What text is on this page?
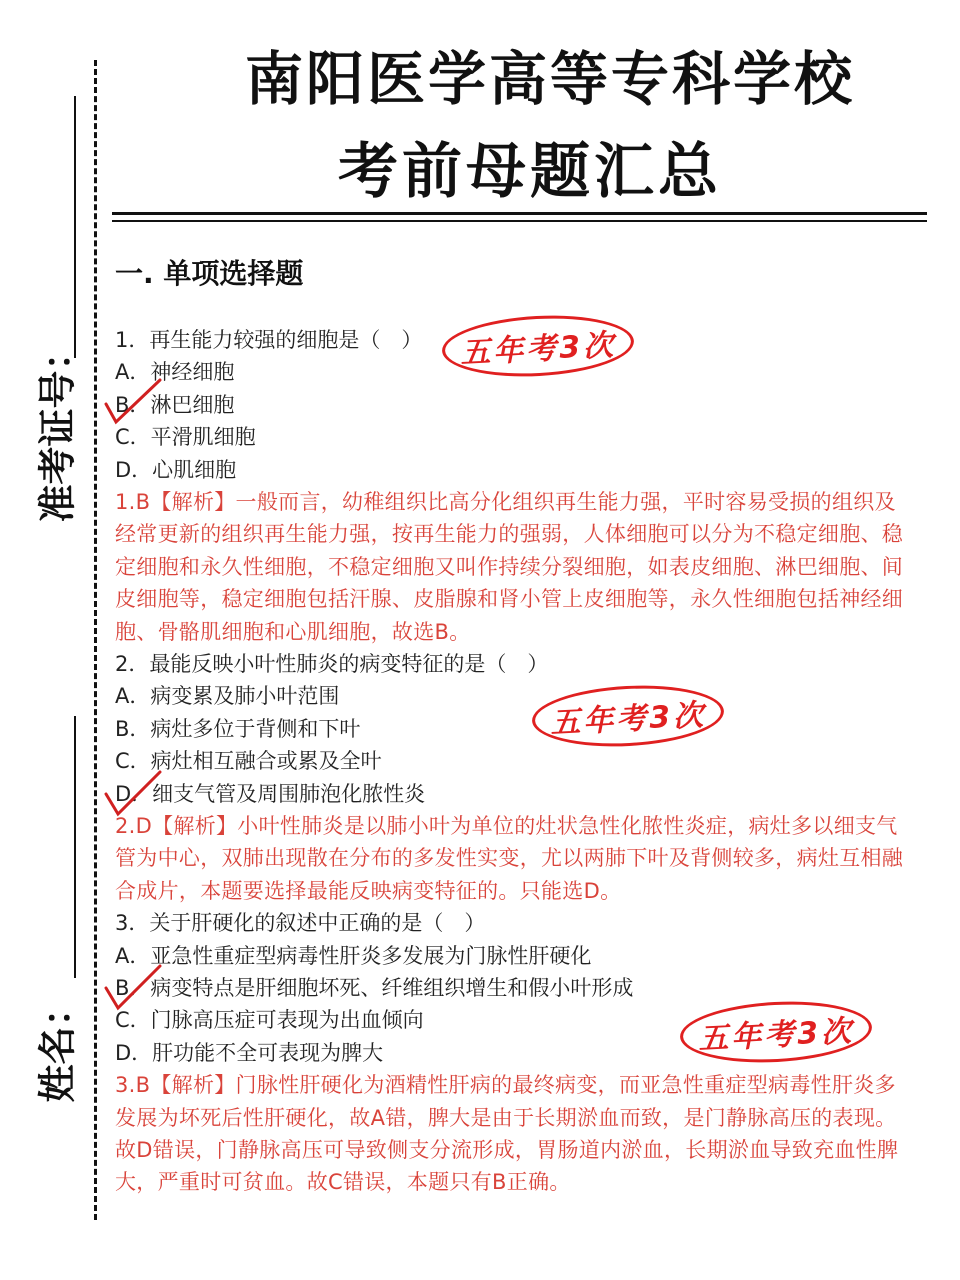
准考证号：
姓名：
南阳医学高等专科学校
考前母题汇总
一. 单项选择题
1．再生能力较强的细胞是（　）
A．神经细胞
B．淋巴细胞
C．平滑肌细胞
D．心肌细胞
1.B【解析】一般而言，幼稚组织比高分化组织再生能力强，平时容易受损的组织及经常更新的组织再生能力强，按再生能力的强弱，人体细胞可以分为不稳定细胞、稳定细胞和永久性细胞，不稳定细胞又叫作持续分裂细胞，如表皮细胞、淋巴细胞、间皮细胞等，稳定细胞包括汗腺、皮脂腺和肾小管上皮细胞等，永久性细胞包括神经细胞、骨骼肌细胞和心肌细胞，故选B。
2．最能反映小叶性肺炎的病变特征的是（　）
A．病变累及肺小叶范围
B．病灶多位于背侧和下叶
C．病灶相互融合或累及全叶
D．细支气管及周围肺泡化脓性炎
2.D【解析】小叶性肺炎是以肺小叶为单位的灶状急性化脓性炎症，病灶多以细支气管为中心，双肺出现散在分布的多发性实变，尤以两肺下叶及背侧较多，病灶互相融合成片，本题要选择最能反映病变特征的。只能选D。
3．关于肝硬化的叙述中正确的是（　）
A．亚急性重症型病毒性肝炎多发展为门脉性肝硬化
B．病变特点是肝细胞坏死、纤维组织增生和假小叶形成
C．门脉高压症可表现为出血倾向
D．肝功能不全可表现为脾大
3.B【解析】门脉性肝硬化为酒精性肝病的最终病变，而亚急性重症型病毒性肝炎多发展为坏死后性肝硬化，故A错，脾大是由于长期淤血而致，是门静脉高压的表现。故D错误，门静脉高压可导致侧支分流形成，胃肠道内淤血，长期淤血导致充血性脾大，严重时可贫血。故C错误，本题只有B正确。
五年考3次
五年考3次
五年考3次
